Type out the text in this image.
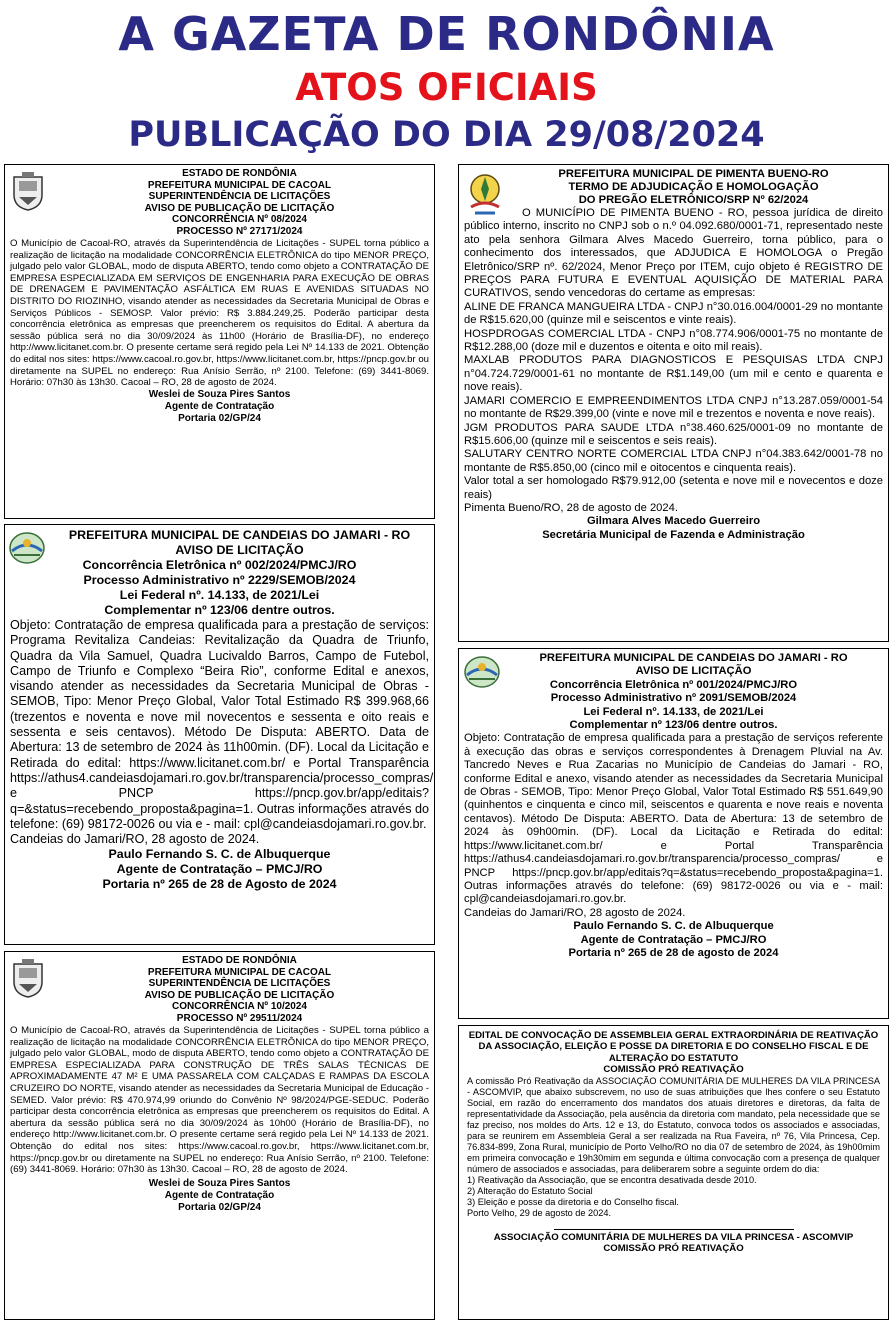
A GAZETA DE RONDÔNIA
ATOS OFICIAIS
PUBLICAÇÃO DO DIA 29/08/2024

ESTADO DE RONDÔNIA

PREFEITURA MUNICIPAL DE CACOAL

SUPERINTENDÊNCIA DE LICITAÇÕES

AVISO DE PUBLICAÇÃO DE LICITAÇÃO

CONCORRÊNCIA Nº 08/2024

PROCESSO Nº 27171/2024

O Município de Cacoal-RO, através da Superintendência de Licitações - SUPEL torna público a realização de licitação na modalidade CONCORRÊNCIA ELETRÔNICA do tipo MENOR PREÇO, julgado pelo valor GLOBAL, modo de disputa ABERTO, tendo como objeto a CONTRATAÇÃO DE EMPRESA ESPECIALIZADA EM SERVIÇOS DE ENGENHARIA PARA EXECUÇÃO DE OBRAS DE DRENAGEM E PAVIMENTAÇÃO ASFÁLTICA EM RUAS E AVENIDAS SITUADAS NO DISTRITO DO RIOZINHO, visando atender as necessidades da Secretaria Municipal de Obras e Serviços Públicos - SEMOSP. Valor prévio: R$ 3.884.249,25. Poderão participar desta concorrência eletrônica as empresas que preencherem os requisitos do Edital. A abertura da sessão pública será no dia 30/09/2024 às 11h00 (Horário de Brasília-DF), no endereço http://www.licitanet.com.br. O presente certame será regido pela Lei Nº 14.133 de 2021. Obtenção do edital nos sites: https://www.cacoal.ro.gov.br, https://www.licitanet.com.br, https://pncp.gov.br ou diretamente na SUPEL no endereço: Rua Anísio Serrão, nº 2100. Telefone: (69) 3441-8069. Horário: 07h30 às 13h30. Cacoal – RO, 28 de agosto de 2024.

Weslei de Souza Pires Santos

Agente de Contratação

Portaria 02/GP/24

PREFEITURA MUNICIPAL DE CANDEIAS DO JAMARI - RO

AVISO DE LICITAÇÃO

Concorrência Eletrônica nº 002/2024/PMCJ/RO

Processo Administrativo nº 2229/SEMOB/2024

Lei Federal nº. 14.133, de 2021/Lei

Complementar nº 123/06 dentre outros.

Objeto: Contratação de empresa qualificada para a prestação de serviços: Programa Revitaliza Candeias: Revitalização da Quadra de Triunfo, Quadra da Vila Samuel, Quadra Lucivaldo Barros, Campo de Futebol, Campo de Triunfo e Complexo “Beira Rio”, conforme Edital e anexos, visando atender as necessidades da Secretaria Municipal de Obras - SEMOB, Tipo: Menor Preço Global, Valor Total Estimado R$ 399.968,66 (trezentos e noventa e nove mil novecentos e sessenta e oito reais e sessenta e seis centavos). Método De Disputa: ABERTO. Data de Abertura: 13 de setembro de 2024 às 11h00min. (DF). Local da Licitação e Retirada do edital: https://www.licitanet.com.br/ e Portal Transparência https://athus4.candeiasdojamari.ro.gov.br/transparencia/processo_compras/ e PNCP https://pncp.gov.br/app/editais?q=&status=recebendo_proposta&pagina=1. Outras informações através do telefone: (69) 98172-0026 ou via e - mail: cpl@candeiasdojamari.ro.gov.br.

Candeias do Jamari/RO, 28 agosto de 2024.

Paulo Fernando S. C. de Albuquerque

Agente de Contratação – PMCJ/RO

Portaria nº 265 de 28 de Agosto de 2024

ESTADO DE RONDÔNIA

PREFEITURA MUNICIPAL DE CACOAL

SUPERINTENDÊNCIA DE LICITAÇÕES

AVISO DE PUBLICAÇÃO DE LICITAÇÃO

CONCORRÊNCIA Nº 10/2024

PROCESSO Nº 29511/2024

O Município de Cacoal-RO, através da Superintendência de Licitações - SUPEL torna público a realização de licitação na modalidade CONCORRÊNCIA ELETRÔNICA do tipo MENOR PREÇO, julgado pelo valor GLOBAL, modo de disputa ABERTO, tendo como objeto a CONTRATAÇÃO DE EMPRESA ESPECIALIZADA PARA CONSTRUÇÃO DE TRÊS SALAS TÉCNICAS DE APROXIMADAMENTE 47 M² E UMA PASSARELA COM CALÇADAS E RAMPAS DA ESCOLA CRUZEIRO DO NORTE, visando atender as necessidades da Secretaria Municipal de Educação - SEMED. Valor prévio: R$ 470.974,99 oriundo do Convênio Nº 98/2024/PGE-SEDUC. Poderão participar desta concorrência eletrônica as empresas que preencherem os requisitos do Edital. A abertura da sessão pública será no dia 30/09/2024 às 10h00 (Horário de Brasília-DF), no endereço http://www.licitanet.com.br. O presente certame será regido pela Lei Nº 14.133 de 2021. Obtenção do edital nos sites: https://www.cacoal.ro.gov.br, https://www.licitanet.com.br, https://pncp.gov.br ou diretamente na SUPEL no endereço: Rua Anísio Serrão, nº 2100. Telefone: (69) 3441-8069. Horário: 07h30 às 13h30. Cacoal – RO, 28 de agosto de 2024.

Weslei de Souza Pires Santos

Agente de Contratação

Portaria 02/GP/24

PREFEITURA MUNICIPAL DE PIMENTA BUENO-RO

TERMO DE ADJUDICAÇÃO E HOMOLOGAÇÃO

DO PREGÃO ELETRÔNICO/SRP Nº 62/2024

O MUNICÍPIO DE PIMENTA BUENO - RO, pessoa jurídica de direito público interno, inscrito no CNPJ sob o n.º 04.092.680/0001-71, representado neste ato pela senhora Gilmara Alves Macedo Guerreiro, torna público, para o conhecimento dos interessados, que ADJUDICA E HOMOLOGA o Pregão Eletrônico/SRP nº. 62/2024, Menor Preço por ITEM, cujo objeto é REGISTRO DE PREÇOS PARA FUTURA E EVENTUAL AQUISIÇÃO DE MATERIAL PARA CURATIVOS, sendo vencedoras do certame as empresas:

ALINE DE FRANCA MANGUEIRA LTDA - CNPJ n°30.016.004/0001-29 no montante de R$15.620,00 (quinze mil e seiscentos e vinte reais).

HOSPDROGAS COMERCIAL LTDA - CNPJ n°08.774.906/0001-75 no montante de R$12.288,00 (doze mil e duzentos e oitenta e oito mil reais).

MAXLAB PRODUTOS PARA DIAGNOSTICOS E PESQUISAS LTDA CNPJ n°04.724.729/0001-61 no montante de R$1.149,00 (um mil e cento e quarenta e nove reais).

JAMARI COMERCIO E EMPREENDIMENTOS LTDA CNPJ n°13.287.059/0001-54 no montante de R$29.399,00 (vinte e nove mil e trezentos e noventa e nove reais).

JGM PRODUTOS PARA SAUDE LTDA n°38.460.625/0001-09 no montante de R$15.606,00 (quinze mil e seiscentos e seis reais).

SALUTARY CENTRO NORTE COMERCIAL LTDA CNPJ n°04.383.642/0001-78 no montante de R$5.850,00 (cinco mil e oitocentos e cinquenta reais).

Valor total a ser homologado R$79.912,00 (setenta e nove mil e novecentos e doze reais)

Pimenta Bueno/RO, 28 de agosto de 2024.

Gilmara Alves Macedo Guerreiro

Secretária Municipal de Fazenda e Administração

PREFEITURA MUNICIPAL DE CANDEIAS DO JAMARI - RO

AVISO DE LICITAÇÃO

Concorrência Eletrônica nº 001/2024/PMCJ/RO

Processo Administrativo nº 2091/SEMOB/2024

Lei Federal nº. 14.133, de 2021/Lei

Complementar nº 123/06 dentre outros.

Objeto: Contratação de empresa qualificada para a prestação de serviços referente à execução das obras e serviços correspondentes à Drenagem Pluvial na Av. Tancredo Neves e Rua Zacarias no Município de Candeias do Jamari - RO, conforme Edital e anexo, visando atender as necessidades da Secretaria Municipal de Obras - SEMOB, Tipo: Menor Preço Global, Valor Total Estimado R$ 551.649,90 (quinhentos e cinquenta e cinco mil, seiscentos e quarenta e nove reais e noventa centavos). Método De Disputa: ABERTO. Data de Abertura: 13 de setembro de 2024 às 09h00min. (DF). Local da Licitação e Retirada do edital: https://www.licitanet.com.br/ e Portal Transparência https://athus4.candeiasdojamari.ro.gov.br/transparencia/processo_compras/ e PNCP https://pncp.gov.br/app/editais?q=&status=recebendo_proposta&pagina=1. Outras informações através do telefone: (69) 98172-0026 ou via e - mail: cpl@candeiasdojamari.ro.gov.br.

Candeias do Jamari/RO, 28 agosto de 2024.

Paulo Fernando S. C. de Albuquerque

Agente de Contratação – PMCJ/RO

Portaria nº 265 de 28 de agosto de 2024

EDITAL DE CONVOCAÇÃO DE ASSEMBLEIA GERAL EXTRAORDINÁRIA DE REATIVAÇÃO DA ASSOCIAÇÃO, ELEIÇÃO E POSSE DA DIRETORIA E DO CONSELHO FISCAL E DE ALTERAÇÃO DO ESTATUTO

COMISSÃO PRÓ REATIVAÇÃO

A comissão Pró Reativação da ASSOCIAÇÃO COMUNITÁRIA DE MULHERES DA VILA PRINCESA - ASCOMVIP, que abaixo subscrevem, no uso de suas atribuições que lhes confere o seu Estatuto Social, em razão do encerramento dos mandatos dos atuais diretores e diretoras, da falta de representatividade da Associação, pela ausência da diretoria com mandato, pela necessidade que se faz preciso, nos moldes do Arts. 12 e 13, do Estatuto, convoca todos os associados e associadas, para se reunirem em Assembleia Geral a ser realizada na Rua Faveira, nº 76, Vila Princesa, Cep. 76.834-899, Zona Rural, município de Porto Velho/RO no dia 07 de setembro de 2024, às 19h00mim em primeira convocação e 19h30mim em segunda e última convocação com a presença de qualquer número de associados e associadas, para deliberarem sobre a seguinte ordem do dia:

1) Reativação da Associação, que se encontra desativada desde 2010.

2) Alteração do Estatuto Social

3) Eleição e posse da diretoria e do Conselho fiscal.

Porto Velho, 29 de agosto de 2024.

ASSOCIAÇÃO COMUNITÁRIA DE MULHERES DA VILA PRINCESA - ASCOMVIP

COMISSÃO PRÓ REATIVAÇÃO
